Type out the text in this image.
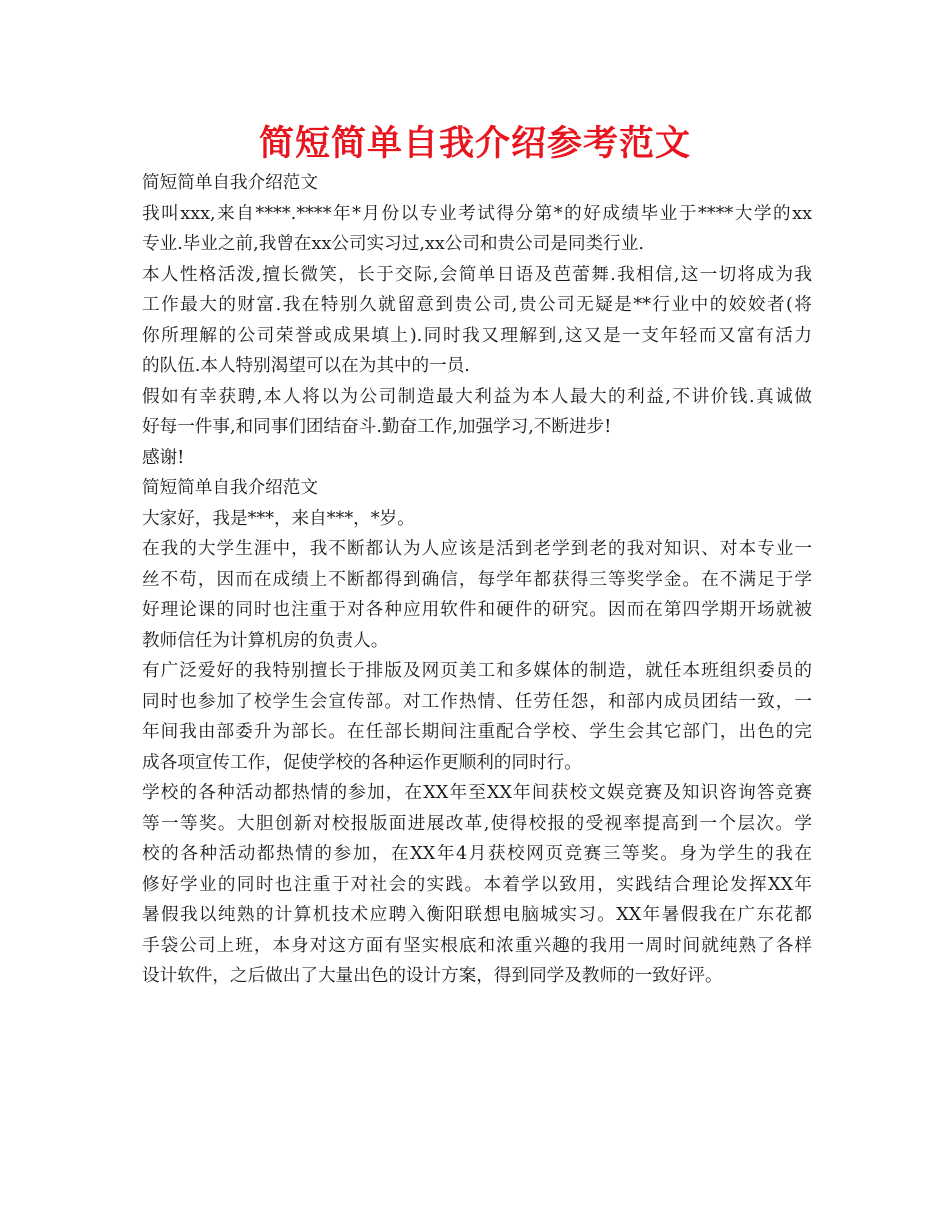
简短简单自我介绍参考范文
简短简单自我介绍范文
我叫xxx,来自****.****年*月份以专业考试得分第*的好成绩毕业于****大学的xx
专业.毕业之前,我曾在xx公司实习过,xx公司和贵公司是同类行业.
本人性格活泼,擅长微笑，长于交际,会简单日语及芭蕾舞.我相信,这一切将成为我
工作最大的财富.我在特别久就留意到贵公司,贵公司无疑是**行业中的姣姣者(将
你所理解的公司荣誉或成果填上).同时我又理解到,这又是一支年轻而又富有活力
的队伍.本人特别渴望可以在为其中的一员.
假如有幸获聘,本人将以为公司制造最大利益为本人最大的利益,不讲价钱.真诚做
好每一件事,和同事们团结奋斗.勤奋工作,加强学习,不断进步!
感谢!
简短简单自我介绍范文
大家好，我是***，来自***，*岁。
在我的大学生涯中，我不断都认为人应该是活到老学到老的我对知识、对本专业一
丝不苟，因而在成绩上不断都得到确信，每学年都获得三等奖学金。在不满足于学
好理论课的同时也注重于对各种应用软件和硬件的研究。因而在第四学期开场就被
教师信任为计算机房的负责人。
有广泛爱好的我特别擅长于排版及网页美工和多媒体的制造，就任本班组织委员的
同时也参加了校学生会宣传部。对工作热情、任劳任怨，和部内成员团结一致，一
年间我由部委升为部长。在任部长期间注重配合学校、学生会其它部门，出色的完
成各项宣传工作，促使学校的各种运作更顺利的同时行。
学校的各种活动都热情的参加，在XX年至XX年间获校文娱竞赛及知识咨询答竞赛
等一等奖。大胆创新对校报版面进展改革,使得校报的受视率提高到一个层次。学
校的各种活动都热情的参加，在XX年4月获校网页竞赛三等奖。身为学生的我在
修好学业的同时也注重于对社会的实践。本着学以致用，实践结合理论发挥XX年
暑假我以纯熟的计算机技术应聘入衡阳联想电脑城实习。XX年暑假我在广东花都
手袋公司上班，本身对这方面有坚实根底和浓重兴趣的我用一周时间就纯熟了各样
设计软件，之后做出了大量出色的设计方案，得到同学及教师的一致好评。
